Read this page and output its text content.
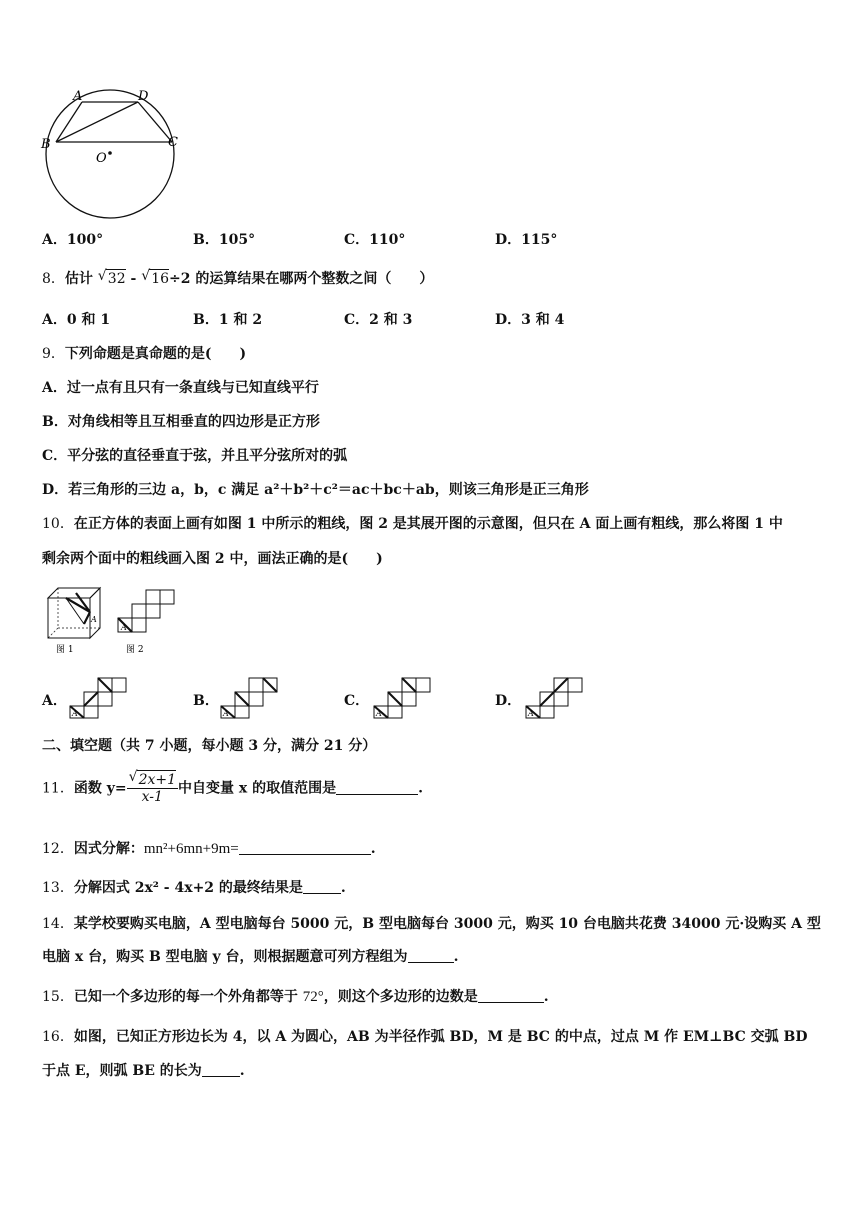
A	D
B	C
O
A．100°	B．105°	C．110°	D．115°
8．估计 √ 32 - √ 16÷2 的运算结果在哪两个整数之间（　　）
A．0 和 1	B．1 和 2	C．2 和 3	D．3 和 4
9．下列命题是真命题的是(　　)
A．过一点有且只有一条直线与已知直线平行
B．对角线相等且互相垂直的四边形是正方形
C．平分弦的直径垂直于弦，并且平分弦所对的弧
D．若三角形的三边 a，b，c 满足 a²＋b²＋c²＝ac＋bc＋ab，则该三角形是正三角形
10．在正方体的表面上画有如图 1 中所示的粗线，图 2 是其展开图的示意图，但只在 A 面上画有粗线，那么将图 1 中
剩余两个面中的粗线画入图 2 中，画法正确的是(　　)
A
图 1
A
图 2
A．
A
B．
A
C．
A
D．
A
二、填空题（共 7 小题，每小题 3 分，满分 21 分）
11．函数 $y= \frac{√ 2x+1}{x-1}$ 中自变量 x 的取值范围是	.
12．因式分解：mn²+6mn+9m=	.
13．分解因式 2x² - 4x+2 的最终结果是	.
14．某学校要购买电脑，A 型电脑每台 5000 元，B 型电脑每台 3000 元，购买 10 台电脑共花费 34000 元·设购买 A 型
电脑 x 台，购买 B 型电脑 y 台，则根据题意可列方程组为	.
15．已知一个多边形的每一个外角都等于 72°，则这个多边形的边数是	.
16．如图，已知正方形边长为 4，以 A 为圆心，AB 为半径作弧 BD，M 是 BC 的中点，过点 M 作 EM⊥BC 交弧 BD
于点 E，则弧 BE 的长为	.
